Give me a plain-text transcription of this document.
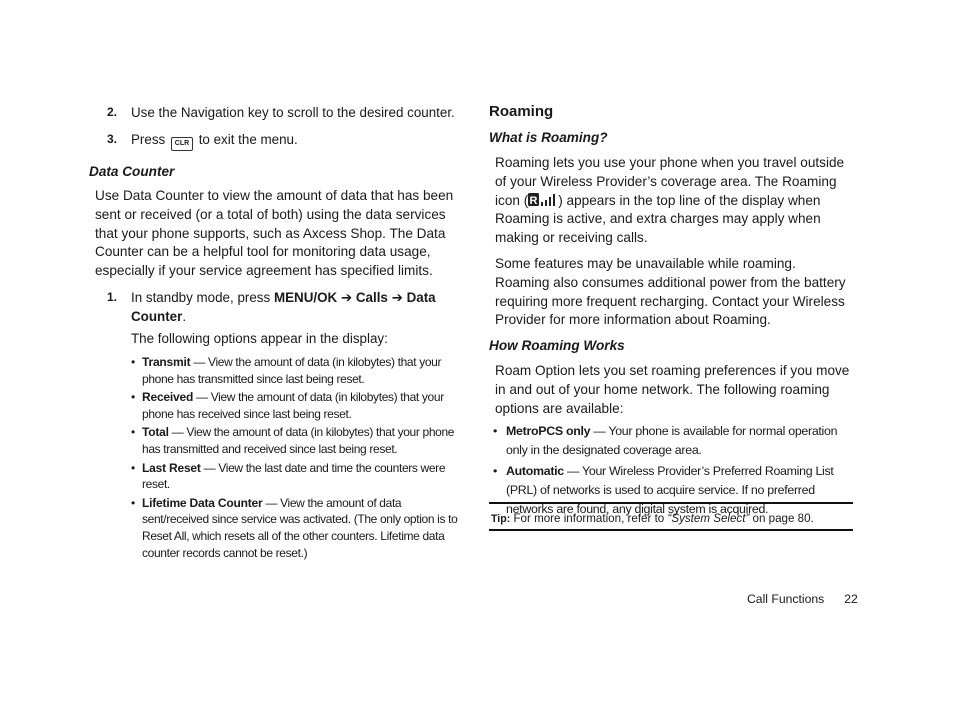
2. Use the Navigation key to scroll to the desired counter.

3. Press CLR to exit the menu.

Data Counter

Use Data Counter to view the amount of data that has been sent or received (or a total of both) using the data services that your phone supports, such as Axcess Shop. The Data Counter can be a helpful tool for monitoring data usage, especially if your service agreement has specified limits.

1. In standby mode, press MENU/OK ➔ Calls ➔ Data Counter.

The following options appear in the display:

• Transmit — View the amount of data (in kilobytes) that your phone has transmitted since last being reset.

• Received — View the amount of data (in kilobytes) that your phone has received since last being reset.

• Total — View the amount of data (in kilobytes) that your phone has transmitted and received since last being reset.

• Last Reset — View the last date and time the counters were reset.

• Lifetime Data Counter — View the amount of data sent/received since service was activated. (The only option is to Reset All, which resets all of the other counters. Lifetime data counter records cannot be reset.)

Roaming
What is Roaming?

Roaming lets you use your phone when you travel outside of your Wireless Provider’s coverage area. The Roaming icon ( R ) appears in the top line of the display when Roaming is active, and extra charges may apply when making or receiving calls.

Some features may be unavailable while roaming. Roaming also consumes additional power from the battery requiring more frequent recharging. Contact your Wireless Provider for more information about Roaming.

How Roaming Works

Roam Option lets you set roaming preferences if you move in and out of your home network. The following roaming options are available:

• MetroPCS only — Your phone is available for normal operation only in the designated coverage area.

• Automatic — Your Wireless Provider’s Preferred Roaming List (PRL) of networks is used to acquire service. If no preferred networks are found, any digital system is acquired.

Tip: For more information, refer to “System Select” on page 80.
Call Functions 22
